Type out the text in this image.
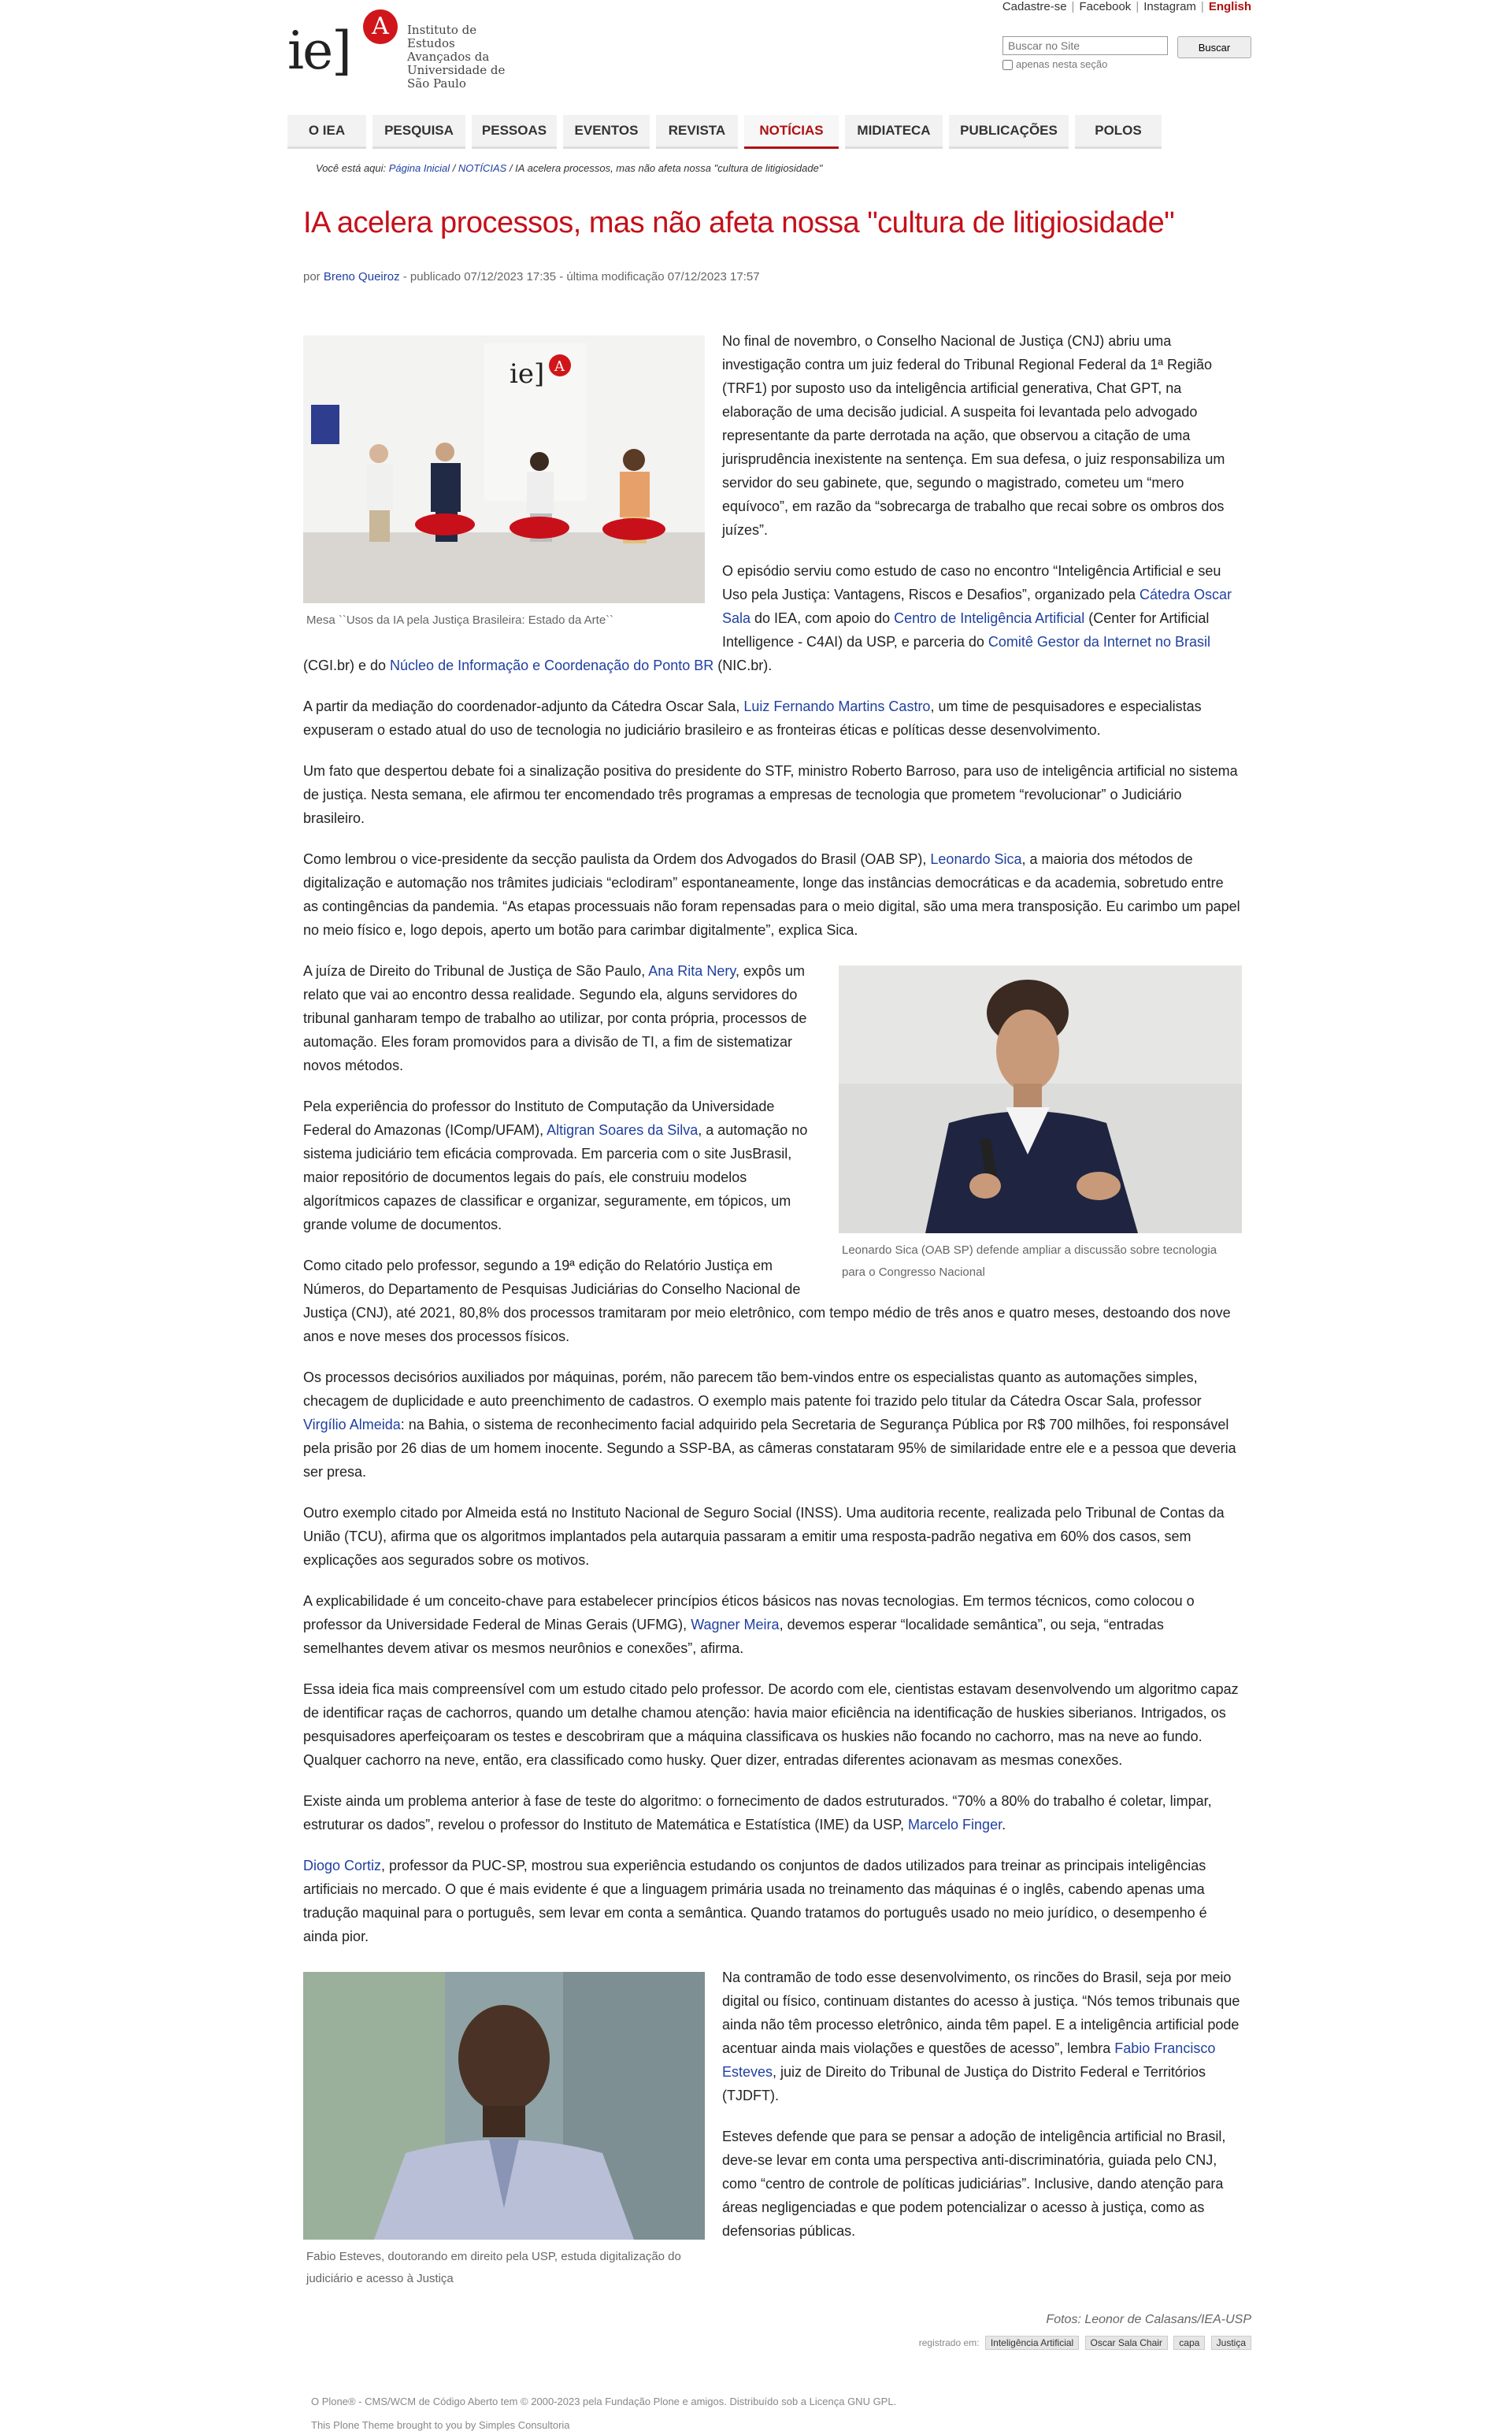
Cadastre-se | Facebook | Instagram | English
ie] A	Instituto de
Estudos
Avançados da
Universidade de
São Paulo
Buscar no Site
Buscar
apenas nesta seção
O IEA	PESQUISA	PESSOAS	EVENTOS	REVISTA	NOTÍCIAS	MIDIATECA	PUBLICAÇÕES	POLOS
Você está aqui: Página Inicial / NOTÍCIAS / IA acelera processos, mas não afeta nossa "cultura de litigiosidade"
IA acelera processos, mas não afeta nossa "cultura de litigiosidade"
por Breno Queiroz - publicado 07/12/2023 17:35 - última modificação 07/12/2023 17:57
ie] A
Mesa ``Usos da IA pela Justiça Brasileira: Estado da Arte``

No final de novembro, o Conselho Nacional de Justiça (CNJ) abriu uma investigação contra um juiz federal do Tribunal Regional Federal da 1ª Região (TRF1) por suposto uso da inteligência artificial generativa, Chat GPT, na elaboração de uma decisão judicial. A suspeita foi levantada pelo advogado representante da parte derrotada na ação, que observou a citação de uma jurisprudência inexistente na sentença. Em sua defesa, o juiz responsabiliza um servidor do seu gabinete, que, segundo o magistrado, cometeu um “mero equívoco”, em razão da “sobrecarga de trabalho que recai sobre os ombros dos juízes”.

O episódio serviu como estudo de caso no encontro “Inteligência Artificial e seu Uso pela Justiça: Vantagens, Riscos e Desafios”, organizado pela Cátedra Oscar Sala do IEA, com apoio do Centro de Inteligência Artificial (Center for Artificial Intelligence - C4AI) da USP, e parceria do Comitê Gestor da Internet no Brasil (CGI.br) e do Núcleo de Informação e Coordenação do Ponto BR (NIC.br).

A partir da mediação do coordenador-adjunto da Cátedra Oscar Sala, Luiz Fernando Martins Castro, um time de pesquisadores e especialistas expuseram o estado atual do uso de tecnologia no judiciário brasileiro e as fronteiras éticas e políticas desse desenvolvimento.

Um fato que despertou debate foi a sinalização positiva do presidente do STF, ministro Roberto Barroso, para uso de inteligência artificial no sistema de justiça. Nesta semana, ele afirmou ter encomendado três programas a empresas de tecnologia que prometem “revolucionar” o Judiciário brasileiro.

Como lembrou o vice-presidente da secção paulista da Ordem dos Advogados do Brasil (OAB SP), Leonardo Sica, a maioria dos métodos de digitalização e automação nos trâmites judiciais “eclodiram” espontaneamente, longe das instâncias democráticas e da academia, sobretudo entre as contingências da pandemia. “As etapas processuais não foram repensadas para o meio digital, são uma mera transposição. Eu carimbo um papel no meio físico e, logo depois, aperto um botão para carimbar digitalmente”, explica Sica.

Leonardo Sica (OAB SP) defende ampliar a discussão sobre tecnologia para o Congresso Nacional

A juíza de Direito do Tribunal de Justiça de São Paulo, Ana Rita Nery, expôs um relato que vai ao encontro dessa realidade. Segundo ela, alguns servidores do tribunal ganharam tempo de trabalho ao utilizar, por conta própria, processos de automação. Eles foram promovidos para a divisão de TI, a fim de sistematizar novos métodos.

Pela experiência do professor do Instituto de Computação da Universidade Federal do Amazonas (IComp/UFAM), Altigran Soares da Silva, a automação no sistema judiciário tem eficácia comprovada. Em parceria com o site JusBrasil, maior repositório de documentos legais do país, ele construiu modelos algorítmicos capazes de classificar e organizar, seguramente, em tópicos, um grande volume de documentos.

Como citado pelo professor, segundo a 19ª edição do Relatório Justiça em Números, do Departamento de Pesquisas Judiciárias do Conselho Nacional de Justiça (CNJ), até 2021, 80,8% dos processos tramitaram por meio eletrônico, com tempo médio de três anos e quatro meses, destoando dos nove anos e nove meses dos processos físicos.

Os processos decisórios auxiliados por máquinas, porém, não parecem tão bem-vindos entre os especialistas quanto as automações simples, checagem de duplicidade e auto preenchimento de cadastros. O exemplo mais patente foi trazido pelo titular da Cátedra Oscar Sala, professor Virgílio Almeida: na Bahia, o sistema de reconhecimento facial adquirido pela Secretaria de Segurança Pública por R$ 700 milhões, foi responsável pela prisão por 26 dias de um homem inocente. Segundo a SSP-BA, as câmeras constataram 95% de similaridade entre ele e a pessoa que deveria ser presa.

Outro exemplo citado por Almeida está no Instituto Nacional de Seguro Social (INSS). Uma auditoria recente, realizada pelo Tribunal de Contas da União (TCU), afirma que os algoritmos implantados pela autarquia passaram a emitir uma resposta-padrão negativa em 60% dos casos, sem explicações aos segurados sobre os motivos.

A explicabilidade é um conceito-chave para estabelecer princípios éticos básicos nas novas tecnologias. Em termos técnicos, como colocou o professor da Universidade Federal de Minas Gerais (UFMG), Wagner Meira, devemos esperar “localidade semântica”, ou seja, “entradas semelhantes devem ativar os mesmos neurônios e conexões”, afirma.

Essa ideia fica mais compreensível com um estudo citado pelo professor. De acordo com ele, cientistas estavam desenvolvendo um algoritmo capaz de identificar raças de cachorros, quando um detalhe chamou atenção: havia maior eficiência na identificação de huskies siberianos. Intrigados, os pesquisadores aperfeiçoaram os testes e descobriram que a máquina classificava os huskies não focando no cachorro, mas na neve ao fundo. Qualquer cachorro na neve, então, era classificado como husky. Quer dizer, entradas diferentes acionavam as mesmas conexões.

Existe ainda um problema anterior à fase de teste do algoritmo: o fornecimento de dados estruturados. “70% a 80% do trabalho é coletar, limpar, estruturar os dados”, revelou o professor do Instituto de Matemática e Estatística (IME) da USP, Marcelo Finger.

Diogo Cortiz, professor da PUC-SP, mostrou sua experiência estudando os conjuntos de dados utilizados para treinar as principais inteligências artificiais no mercado. O que é mais evidente é que a linguagem primária usada no treinamento das máquinas é o inglês, cabendo apenas uma tradução maquinal para o português, sem levar em conta a semântica. Quando tratamos do português usado no meio jurídico, o desempenho é ainda pior.

Fabio Esteves, doutorando em direito pela USP, estuda digitalização do judiciário e acesso à Justiça

Na contramão de todo esse desenvolvimento, os rincões do Brasil, seja por meio digital ou físico, continuam distantes do acesso à justiça. “Nós temos tribunais que ainda não têm processo eletrônico, ainda têm papel. E a inteligência artificial pode acentuar ainda mais violações e questões de acesso”, lembra Fabio Francisco Esteves, juiz de Direito do Tribunal de Justiça do Distrito Federal e Territórios (TJDFT).

Esteves defende que para se pensar a adoção de inteligência artificial no Brasil, deve-se levar em conta uma perspectiva anti-discriminatória, guiada pelo CNJ, como “centro de controle de políticas judiciárias”. Inclusive, dando atenção para áreas negligenciadas e que podem potencializar o acesso à justiça, como as defensorias públicas.

Fotos: Leonor de Calasans/IEA-USP
registrado em: Inteligência Artificial Oscar Sala Chair capa Justiça
O Plone® - CMS/WCM de Código Aberto tem © 2000-2023 pela Fundação Plone e amigos. Distribuído sob a Licença GNU GPL.
This Plone Theme brought to you by Simples Consultoria
